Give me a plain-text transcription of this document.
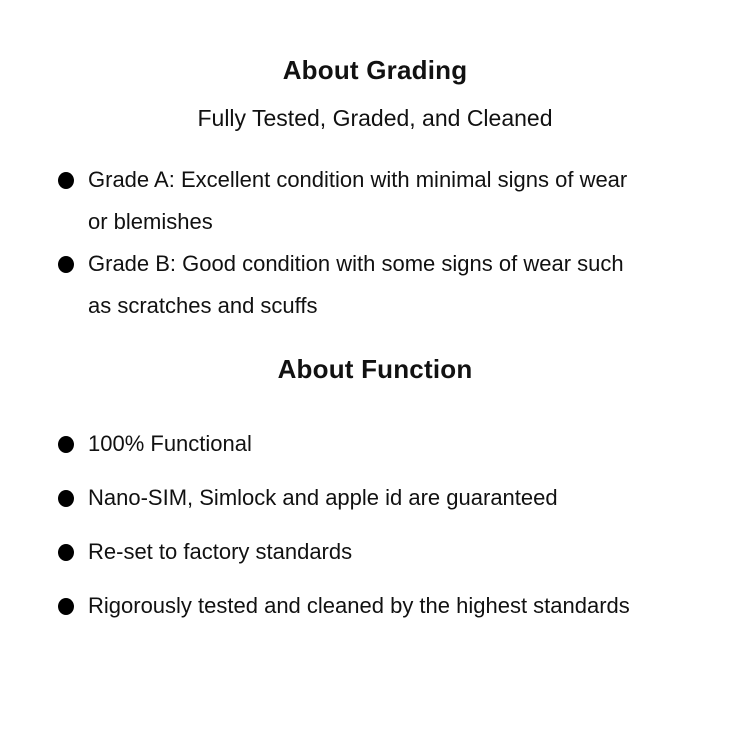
About Grading
Fully Tested, Graded, and Cleaned
Grade A: Excellent condition with minimal signs of wear or blemishes
Grade B: Good condition with some signs of wear such as scratches and scuffs
About Function
100% Functional
Nano-SIM, Simlock and apple id are guaranteed
Re-set to factory standards
Rigorously tested and cleaned by the highest standards
